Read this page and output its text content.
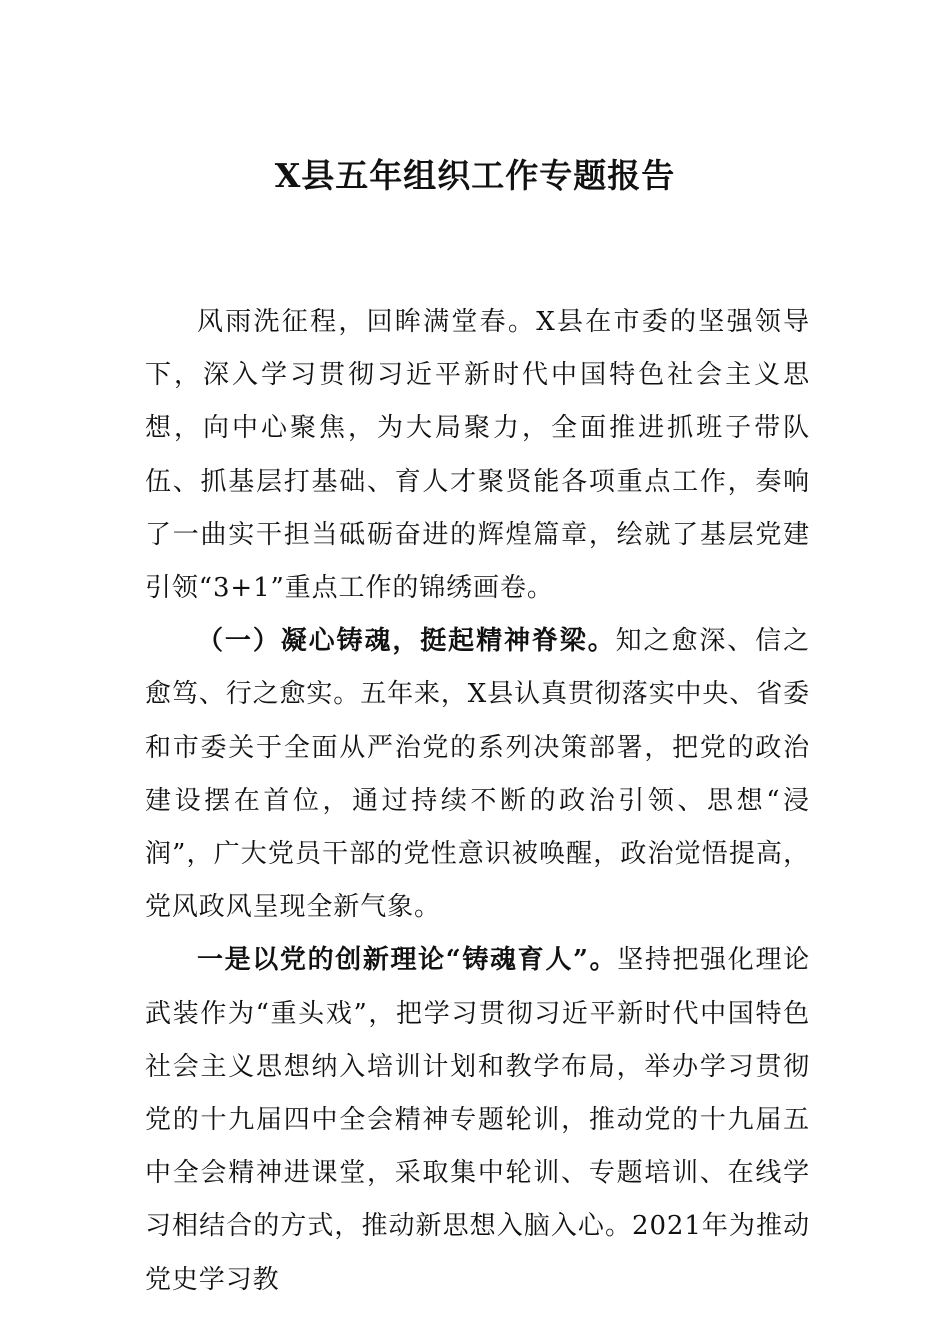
X县五年组织工作专题报告

风雨洗征程，回眸满堂春。X县在市委的坚强领导下，深入学习贯彻习近平新时代中国特色社会主义思想，向中心聚焦，为大局聚力，全面推进抓班子带队伍、抓基层打基础、育人才聚贤能各项重点工作，奏响了一曲实干担当砥砺奋进的辉煌篇章，绘就了基层党建引领“3+1”重点工作的锦绣画卷。

（一）凝心铸魂，挺起精神脊梁。知之愈深、信之愈笃、行之愈实。五年来，X县认真贯彻落实中央、省委和市委关于全面从严治党的系列决策部署，把党的政治建设摆在首位，通过持续不断的政治引领、思想“浸润”，广大党员干部的党性意识被唤醒，政治觉悟提高，党风政风呈现全新气象。

一是以党的创新理论“铸魂育人”。坚持把强化理论武装作为“重头戏”，把学习贯彻习近平新时代中国特色社会主义思想纳入培训计划和教学布局，举办学习贯彻党的十九届四中全会精神专题轮训，推动党的十九届五中全会精神进课堂，采取集中轮训、专题培训、在线学习相结合的方式，推动新思想入脑入心。2021年为推动党史学习教
